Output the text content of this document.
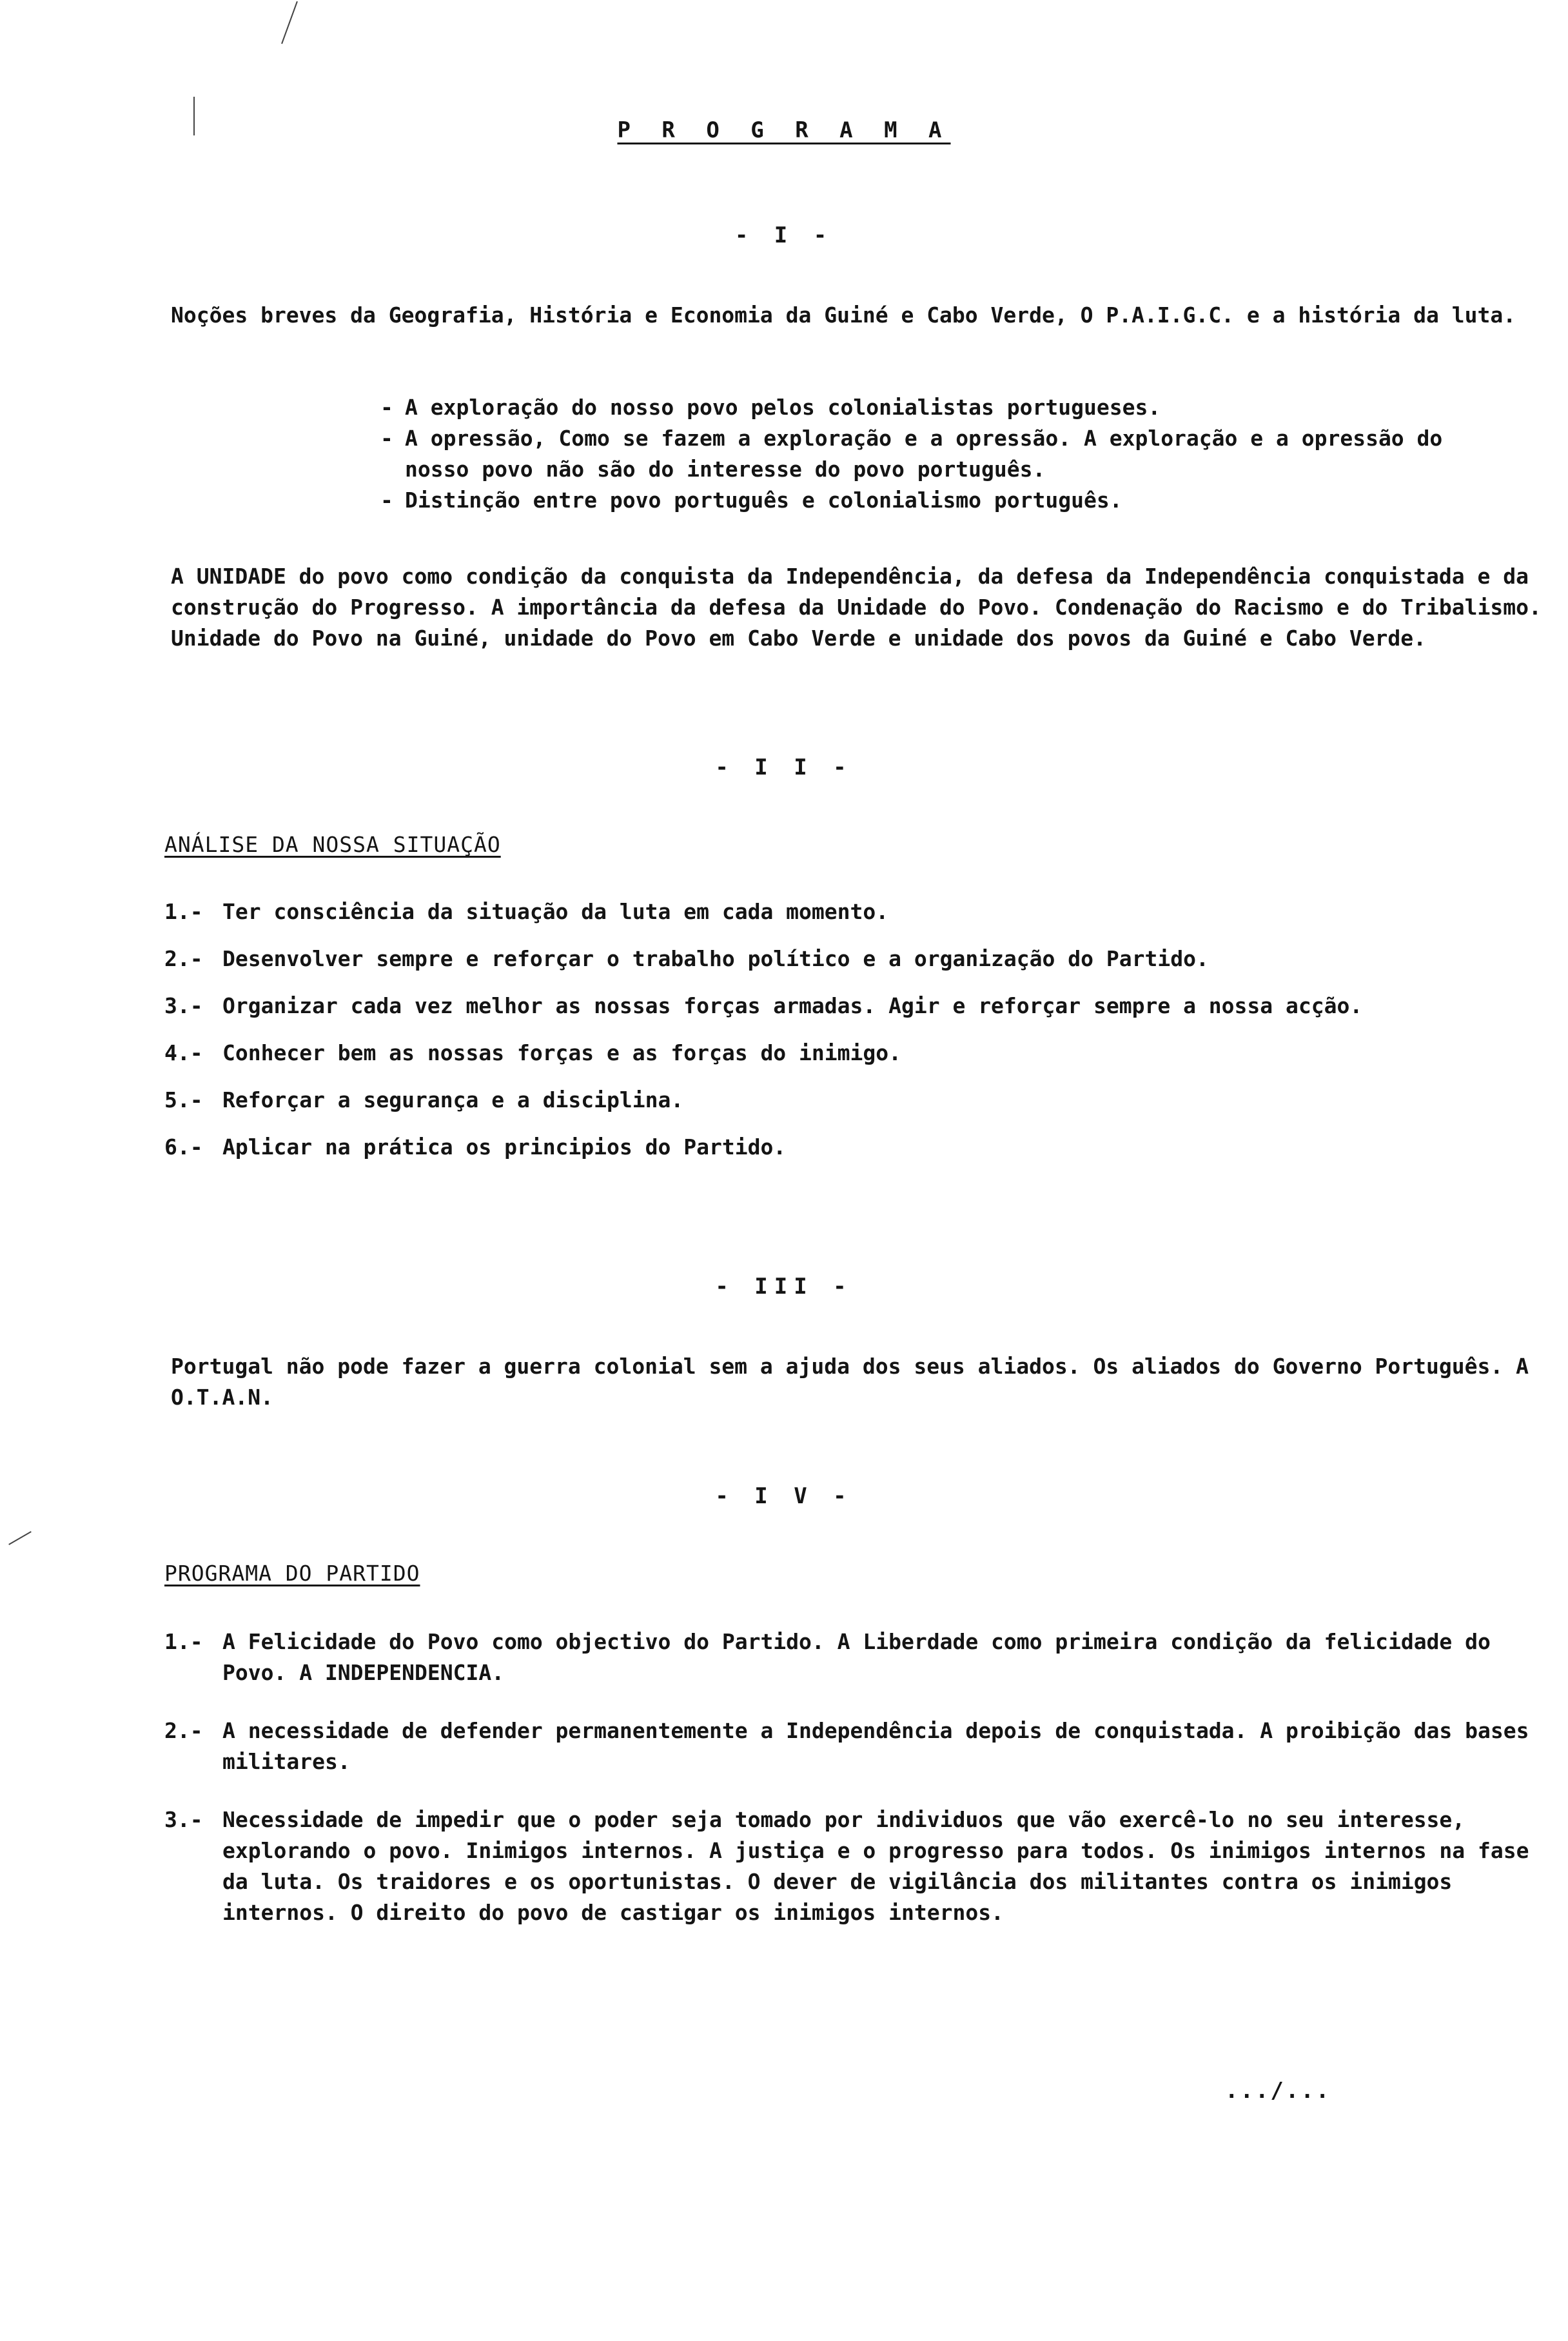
P R O G R A M A
- I -
Noções breves da Geografia, História e Economia da Guiné e Cabo Verde, O P.A.I.G.C. e a história da luta.
- A exploração do nosso povo pelos colonialistas portugueses.
- A opressão, Como se fazem a exploração e a opressão. A exploração e a opressão do nosso povo não são do interesse do povo português.
- Distinção entre povo português e colonialismo português.
A UNIDADE do povo como condição da conquista da Independência, da defesa da Independência conquistada e da construção do Progresso. A importância da defesa da Unidade do Povo. Condenação do Racismo e do Tribalismo. Unidade do Povo na Guiné, unidade do Povo em Cabo Verde e unidade dos povos da Guiné e Cabo Verde.
- I I -
ANÁLISE DA NOSSA SITUAÇÃO
1.- Ter consciência da situação da luta em cada momento.
2.- Desenvolver sempre e reforçar o trabalho político e a organização do Partido.
3.- Organizar cada vez melhor as nossas forças armadas. Agir e reforçar sempre a nossa acção.
4.- Conhecer bem as nossas forças e as forças do inimigo.
5.- Reforçar a segurança e a disciplina.
6.- Aplicar na prática os principios do Partido.
- III -
Portugal não pode fazer a guerra colonial sem a ajuda dos seus aliados. Os aliados do Governo Português. A O.T.A.N.
- I V -
PROGRAMA DO PARTIDO
1.- A Felicidade do Povo como objectivo do Partido. A Liberdade como primeira condição da felicidade do Povo. A INDEPENDENCIA.
2.- A necessidade de defender permanentemente a Independência depois de conquistada. A proibição das bases militares.
3.- Necessidade de impedir que o poder seja tomado por individuos que vão exercê-lo no seu interesse, explorando o povo. Inimigos internos. A justiça e o progresso para todos. Os inimigos internos na fase da luta. Os traidores e os oportunistas. O dever de vigilância dos militantes contra os inimigos internos. O direito do povo de castigar os inimigos internos.
.../...
